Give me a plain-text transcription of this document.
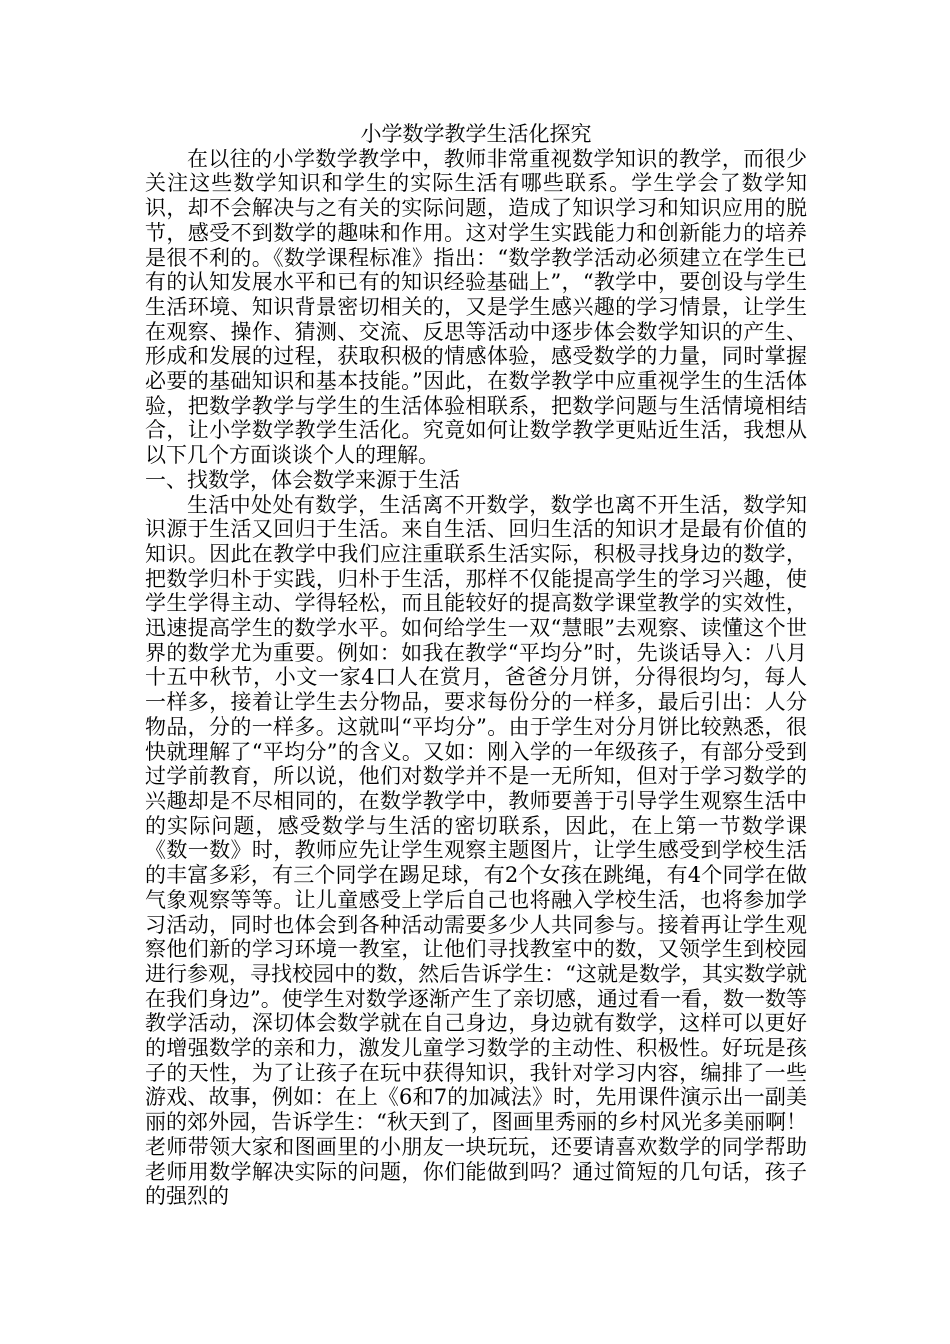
小学数学教学生活化探究

在以往的小学数学教学中，教师非常重视数学知识的教学，而很少关注这些数学知识和学生的实际生活有哪些联系。学生学会了数学知识，却不会解决与之有关的实际问题，造成了知识学习和知识应用的脱节，感受不到数学的趣味和作用。这对学生实践能力和创新能力的培养是很不利的。《数学课程标准》指出：“数学教学活动必须建立在学生已有的认知发展水平和已有的知识经验基础上”，“教学中，要创设与学生生活环境、知识背景密切相关的，又是学生感兴趣的学习情景，让学生在观察、操作、猜测、交流、反思等活动中逐步体会数学知识的产生、形成和发展的过程，获取积极的情感体验，感受数学的力量，同时掌握必要的基础知识和基本技能。”因此，在数学教学中应重视学生的生活体验，把数学教学与学生的生活体验相联系，把数学问题与生活情境相结合，让小学数学教学生活化。究竟如何让数学教学更贴近生活，我想从以下几个方面谈谈个人的理解。

一、找数学，体会数学来源于生活

生活中处处有数学，生活离不开数学，数学也离不开生活，数学知识源于生活又回归于生活。来自生活、回归生活的知识才是最有价值的知识。因此在教学中我们应注重联系生活实际，积极寻找身边的数学，把数学归朴于实践，归朴于生活，那样不仅能提高学生的学习兴趣，使学生学得主动、学得轻松，而且能较好的提高数学课堂教学的实效性，迅速提高学生的数学水平。如何给学生一双“慧眼”去观察、读懂这个世界的数学尤为重要。例如：如我在教学“平均分”时，先谈话导入：八月十五中秋节，小文一家4口人在赏月，爸爸分月饼，分得很均匀，每人一样多，接着让学生去分物品，要求每份分的一样多，最后引出：人分物品，分的一样多。这就叫“平均分”。由于学生对分月饼比较熟悉，很快就理解了“平均分”的含义。又如：刚入学的一年级孩子，有部分受到过学前教育，所以说，他们对数学并不是一无所知，但对于学习数学的兴趣却是不尽相同的，在数学教学中，教师要善于引导学生观察生活中的实际问题，感受数学与生活的密切联系，因此，在上第一节数学课《数一数》时，教师应先让学生观察主题图片，让学生感受到学校生活的丰富多彩，有三个同学在踢足球，有2个女孩在跳绳，有4个同学在做气象观察等等。让儿童感受上学后自己也将融入学校生活，也将参加学习活动，同时也体会到各种活动需要多少人共同参与。接着再让学生观察他们新的学习环境一教室，让他们寻找教室中的数，又领学生到校园进行参观，寻找校园中的数，然后告诉学生：“这就是数学，其实数学就在我们身边”。使学生对数学逐渐产生了亲切感，通过看一看，数一数等教学活动，深切体会数学就在自己身边，身边就有数学，这样可以更好的增强数学的亲和力，激发儿童学习数学的主动性、积极性。好玩是孩子的天性，为了让孩子在玩中获得知识，我针对学习内容，编排了一些游戏、故事，例如：在上《6和7的加减法》时，先用课件演示出一副美丽的郊外园，告诉学生：“秋天到了，图画里秀丽的乡村风光多美丽啊！老师带领大家和图画里的小朋友一块玩玩，还要请喜欢数学的同学帮助老师用数学解决实际的问题，你们能做到吗？通过简短的几句话，孩子的强烈的
